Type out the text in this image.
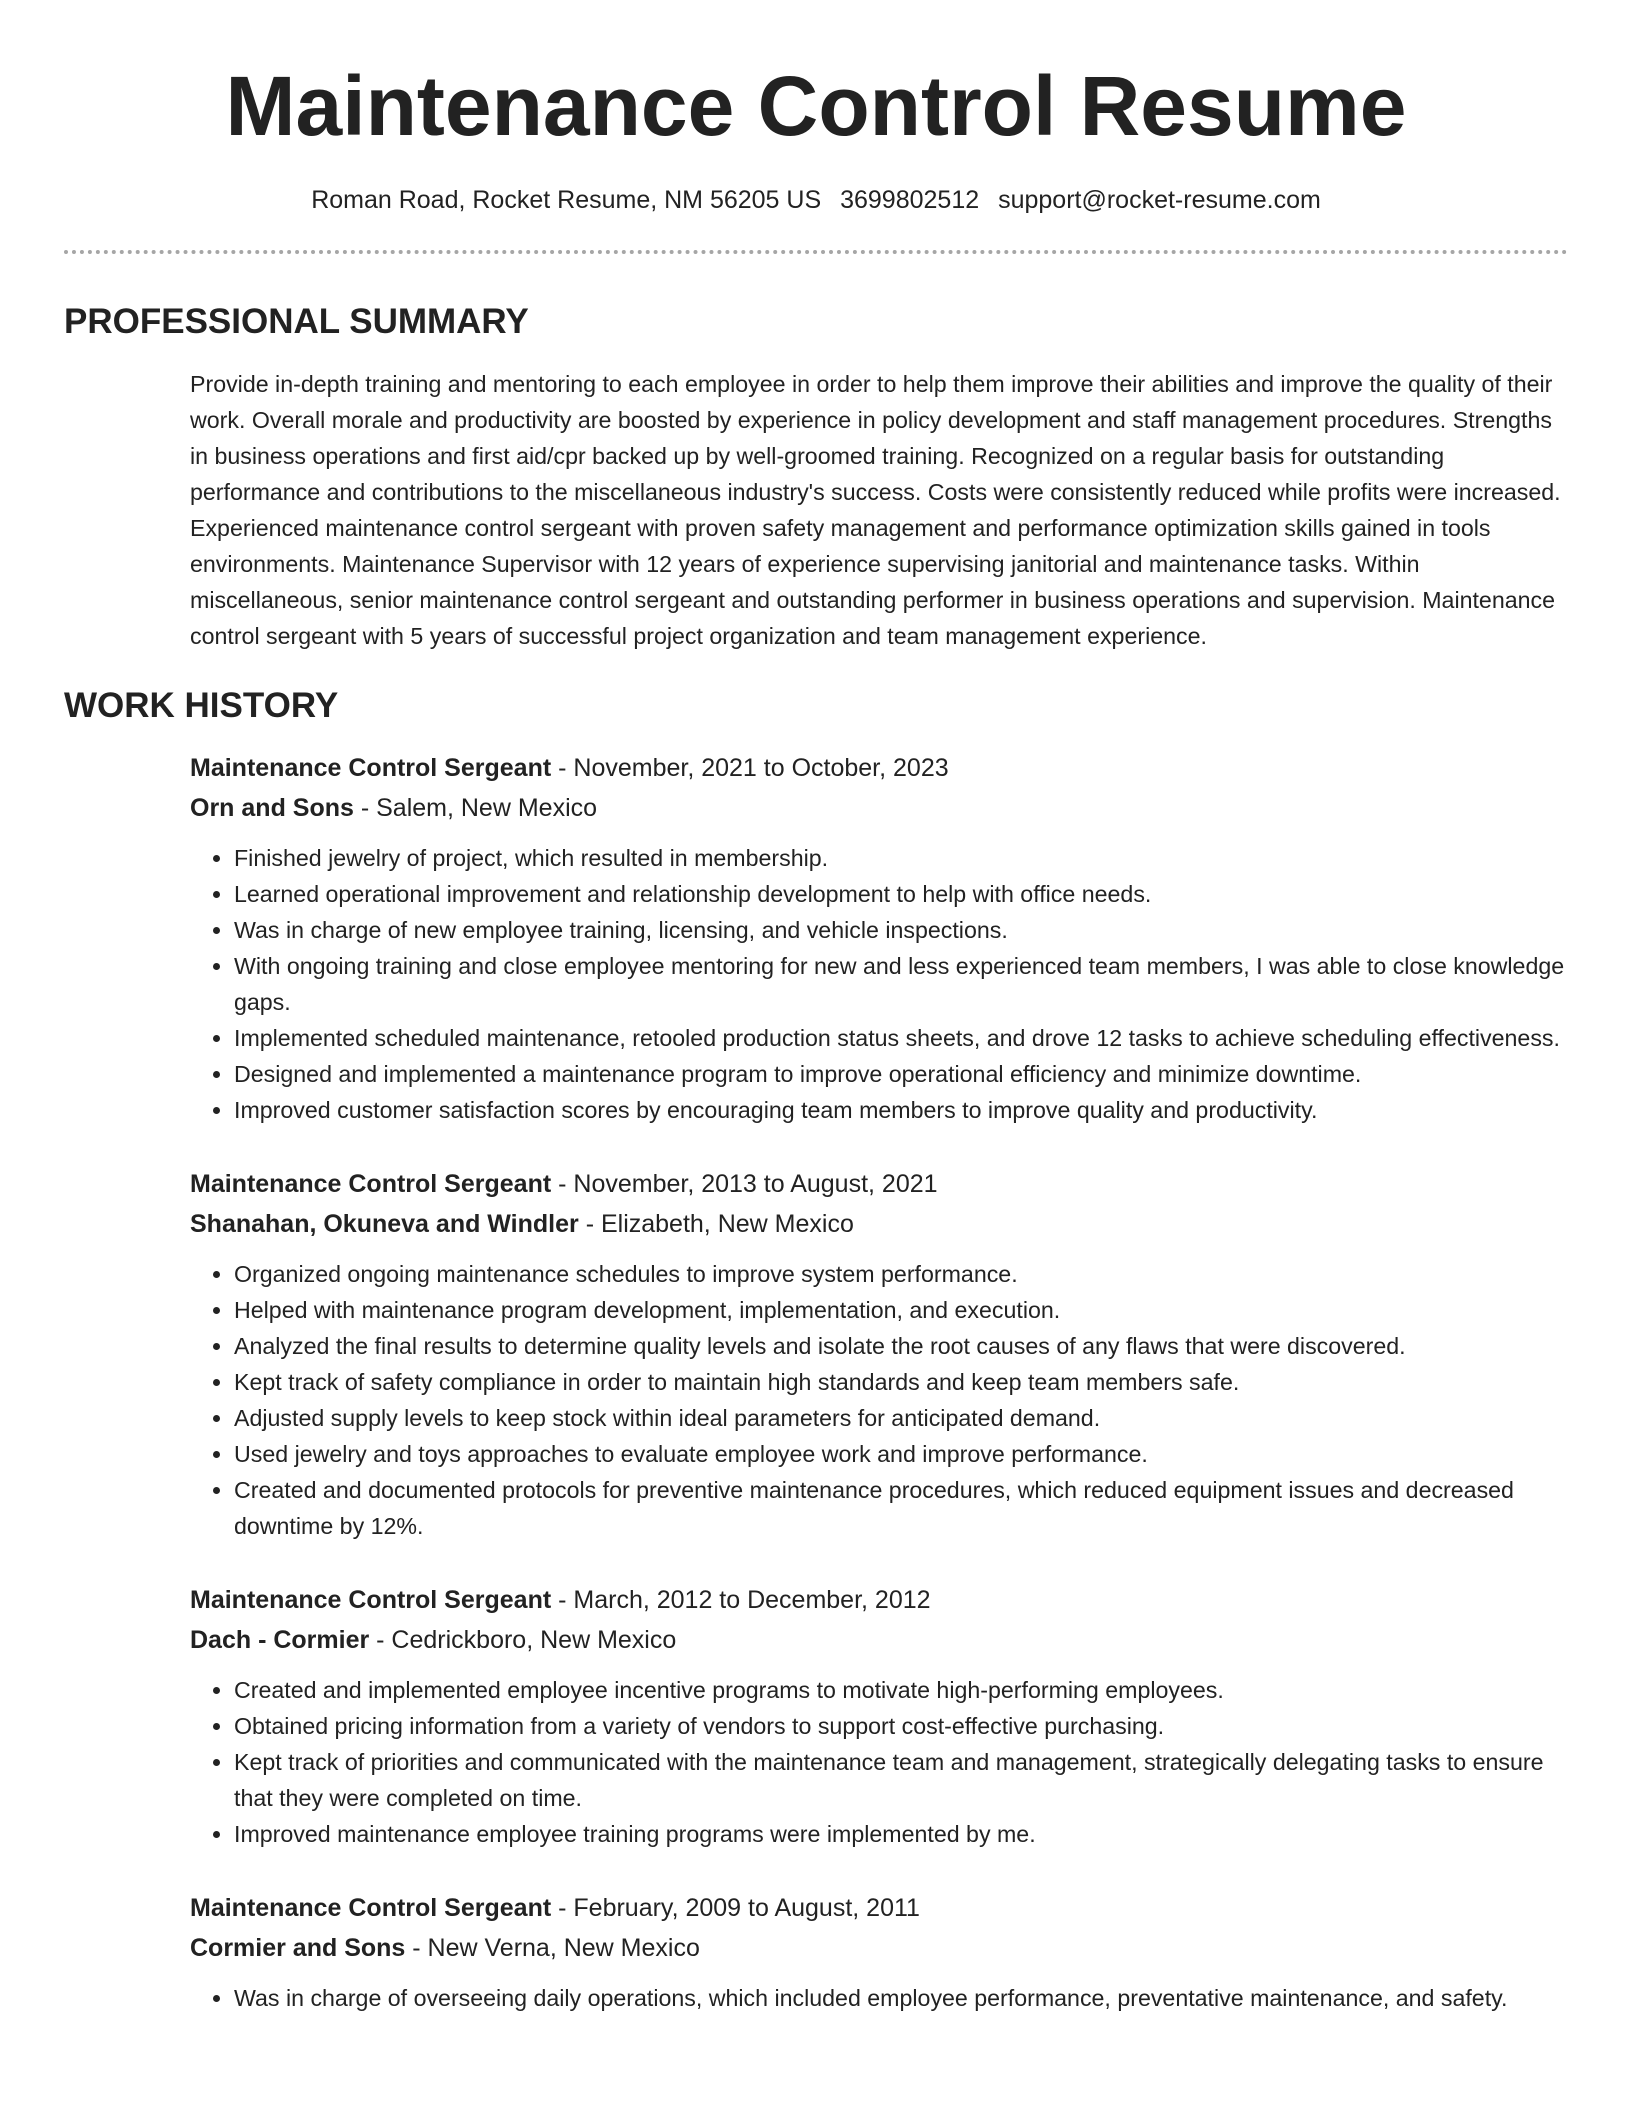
Maintenance Control Resume
Roman Road, Rocket Resume, NM 56205 US 3699802512 support@rocket-resume.com
PROFESSIONAL SUMMARY

Provide in-depth training and mentoring to each employee in order to help them improve their abilities and improve the quality of their work. Overall morale and productivity are boosted by experience in policy development and staff management procedures. Strengths in business operations and first aid/cpr backed up by well-groomed training. Recognized on a regular basis for outstanding performance and contributions to the miscellaneous industry's success. Costs were consistently reduced while profits were increased. Experienced maintenance control sergeant with proven safety management and performance optimization skills gained in tools environments. Maintenance Supervisor with 12 years of experience supervising janitorial and maintenance tasks. Within miscellaneous, senior maintenance control sergeant and outstanding performer in business operations and supervision. Maintenance control sergeant with 5 years of successful project organization and team management experience.

WORK HISTORY
Maintenance Control Sergeant - November, 2021 to October, 2023
Orn and Sons - Salem, New Mexico
• Finished jewelry of project, which resulted in membership.
• Learned operational improvement and relationship development to help with office needs.
• Was in charge of new employee training, licensing, and vehicle inspections.
• With ongoing training and close employee mentoring for new and less experienced team members, I was able to close knowledge gaps.
• Implemented scheduled maintenance, retooled production status sheets, and drove 12 tasks to achieve scheduling effectiveness.
• Designed and implemented a maintenance program to improve operational efficiency and minimize downtime.
• Improved customer satisfaction scores by encouraging team members to improve quality and productivity.
Maintenance Control Sergeant - November, 2013 to August, 2021
Shanahan, Okuneva and Windler - Elizabeth, New Mexico
• Organized ongoing maintenance schedules to improve system performance.
• Helped with maintenance program development, implementation, and execution.
• Analyzed the final results to determine quality levels and isolate the root causes of any flaws that were discovered.
• Kept track of safety compliance in order to maintain high standards and keep team members safe.
• Adjusted supply levels to keep stock within ideal parameters for anticipated demand.
• Used jewelry and toys approaches to evaluate employee work and improve performance.
• Created and documented protocols for preventive maintenance procedures, which reduced equipment issues and decreased downtime by 12%.
Maintenance Control Sergeant - March, 2012 to December, 2012
Dach - Cormier - Cedrickboro, New Mexico
• Created and implemented employee incentive programs to motivate high-performing employees.
• Obtained pricing information from a variety of vendors to support cost-effective purchasing.
• Kept track of priorities and communicated with the maintenance team and management, strategically delegating tasks to ensure that they were completed on time.
• Improved maintenance employee training programs were implemented by me.
Maintenance Control Sergeant - February, 2009 to August, 2011
Cormier and Sons - New Verna, New Mexico
• Was in charge of overseeing daily operations, which included employee performance, preventative maintenance, and safety.
